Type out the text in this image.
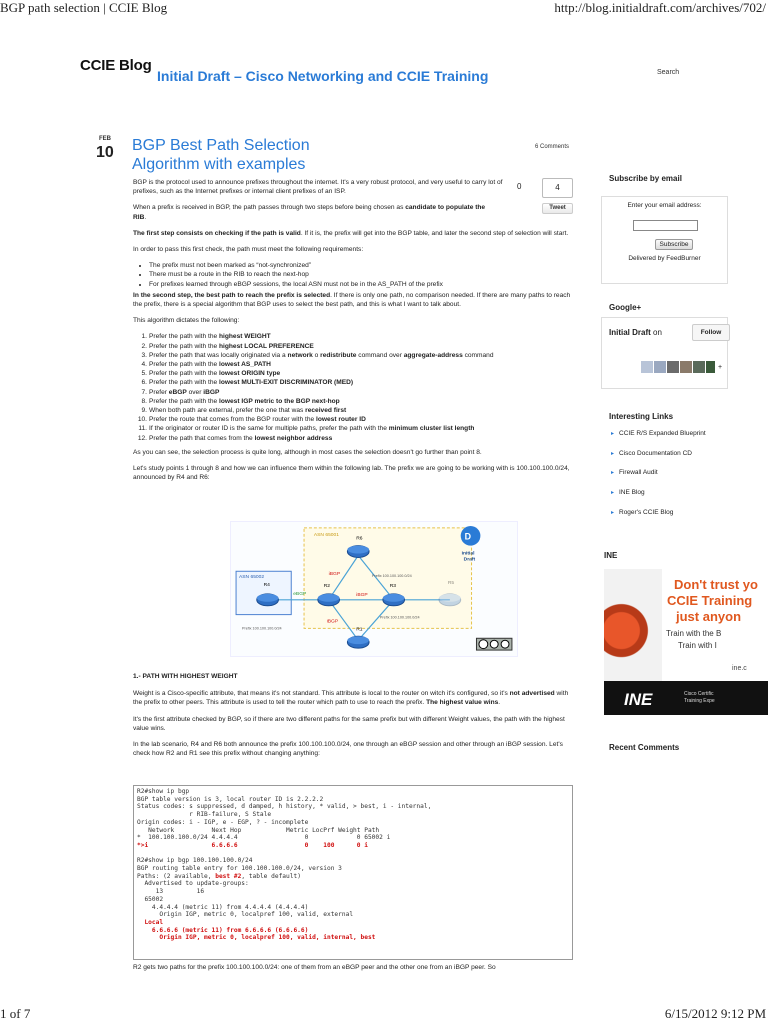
BGP path selection | CCIE Blog	http://blog.initialdraft.com/archives/702/
CCIE Blog
Initial Draft – Cisco Networking and CCIE Training	Search
FEB
10 BGP Best Path Selection Algorithm with examples
6 Comments
0	4
Tweet

BGP is the protocol used to announce prefixes throughout the internet. It's a very robust protocol, and very useful to carry lot of prefixes, such as the Internet prefixes or internal client prefixes of an ISP.

When a prefix is received in BGP, the path passes through two steps before being chosen as candidate to populate the RIB.

The first step consists on checking if the path is valid. If it is, the prefix will get into the BGP table, and later the second step of selection will start.

In order to pass this first check, the path must meet the following requirements:

• The prefix must not been marked as “not-synchronized”
• There must be a route in the RIB to reach the next-hop
• For prefixes learned through eBGP sessions, the local ASN must not be in the AS_PATH of the prefix

In the second step, the best path to reach the prefix is selected. If there is only one path, no comparison needed. If there are many paths to reach the prefix, there is a special algorithm that BGP uses to select the best path, and this is what I want to talk about.

This algorithm dictates the following:

1. Prefer the path with the highest WEIGHT
2. Prefer the path with the highest LOCAL PREFERENCE
3. Prefer the path that was locally originated via a network o redistribute command over aggregate-address command
4. Prefer the path with the lowest AS_PATH
5. Prefer the path with the lowest ORIGIN type
6. Prefer the path with the lowest MULTI-EXIT DISCRIMINATOR (MED)
7. Prefer eBGP over iBGP
8. Prefer the path with the lowest IGP metric to the BGP next-hop
9. When both path are external, prefer the one that was received first
10. Prefer the route that comes from the BGP router with the lowest router ID
11. If the originator or router ID is the same for multiple paths, prefer the path with the minimum cluster list length
12. Prefer the path that comes from the lowest neighbor address

As you can see, the selection process is quite long, although in most cases the selection doesn't go further than point 8.

Let's study points 1 through 8 and how we can influence them within the following lab. The prefix we are going to be working with is 100.100.100.0/24, announced by R4 and R6:

ASN 65001
ASN 65002
eBGP
iBGP
iBGP
iBGP
R6
R4	R2	R3
R1
R5
Prefix 100.100.100.0/24
Prefix 100.100.100.0/24
Prefix 100.100.100.0/24
D
Initial
Draft

1.- PATH WITH HIGHEST WEIGHT

Weight is a Cisco-specific attribute, that means it's not standard. This attribute is local to the router on witch it's configured, so it's not advertised with the prefix to other peers. This attribute is used to tell the router which path to use to reach the prefix. The highest value wins.

It's the first attribute checked by BGP, so if there are two different paths for the same prefix but with different Weight values, the path with the highest value wins.

In the lab scenario, R4 and R6 both announce the prefix 100.100.100.0/24, one through an eBGP session and other through an iBGP session. Let's check how R2 and R1 see this prefix without changing anything:

R2#show ip bgp
BGP table version is 3, local router ID is 2.2.2.2
Status codes: s suppressed, d damped, h history, * valid, > best, i - internal,
r RIB-failure, S Stale
Origin codes: i - IGP, e - EGP, ? - incomplete
Network          Next Hop            Metric LocPrf Weight Path
*  100.100.100.0/24 4.4.4.4                  0             0 65002 i
*>i                 6.6.6.6                  0    100      0 i

R2#show ip bgp 100.100.100.0/24
BGP routing table entry for 100.100.100.0/24, version 3
Paths: (2 available, best #2, table default)
Advertised to update-groups:
13         16
65002
4.4.4.4 (metric 11) from 4.4.4.4 (4.4.4.4)
Origin IGP, metric 0, localpref 100, valid, external
Local
6.6.6.6 (metric 11) from 6.6.6.6 (6.6.6.6)
Origin IGP, metric 0, localpref 100, valid, internal, best
R2 gets two paths for the prefix 100.100.100.0/24: one of them from an eBGP peer and the other one from an iBGP peer. So
Subscribe by email
Enter your email address:
Subscribe
Delivered by FeedBurner
Google+
Initial Draft on	Follow
+
Interesting Links
▸ CCIE R/S Expanded Blueprint
▸ Cisco Documentation CD
▸ Firewall Audit
▸ INE Blog
▸ Roger's CCIE Blog
INE
Don't trust yo
CCIE Training
just anyon
Train with the B
Train with I
ine.c
INE	Cisco Certific
Training Expe
Recent Comments
1 of 7	6/15/2012 9:12 PM
